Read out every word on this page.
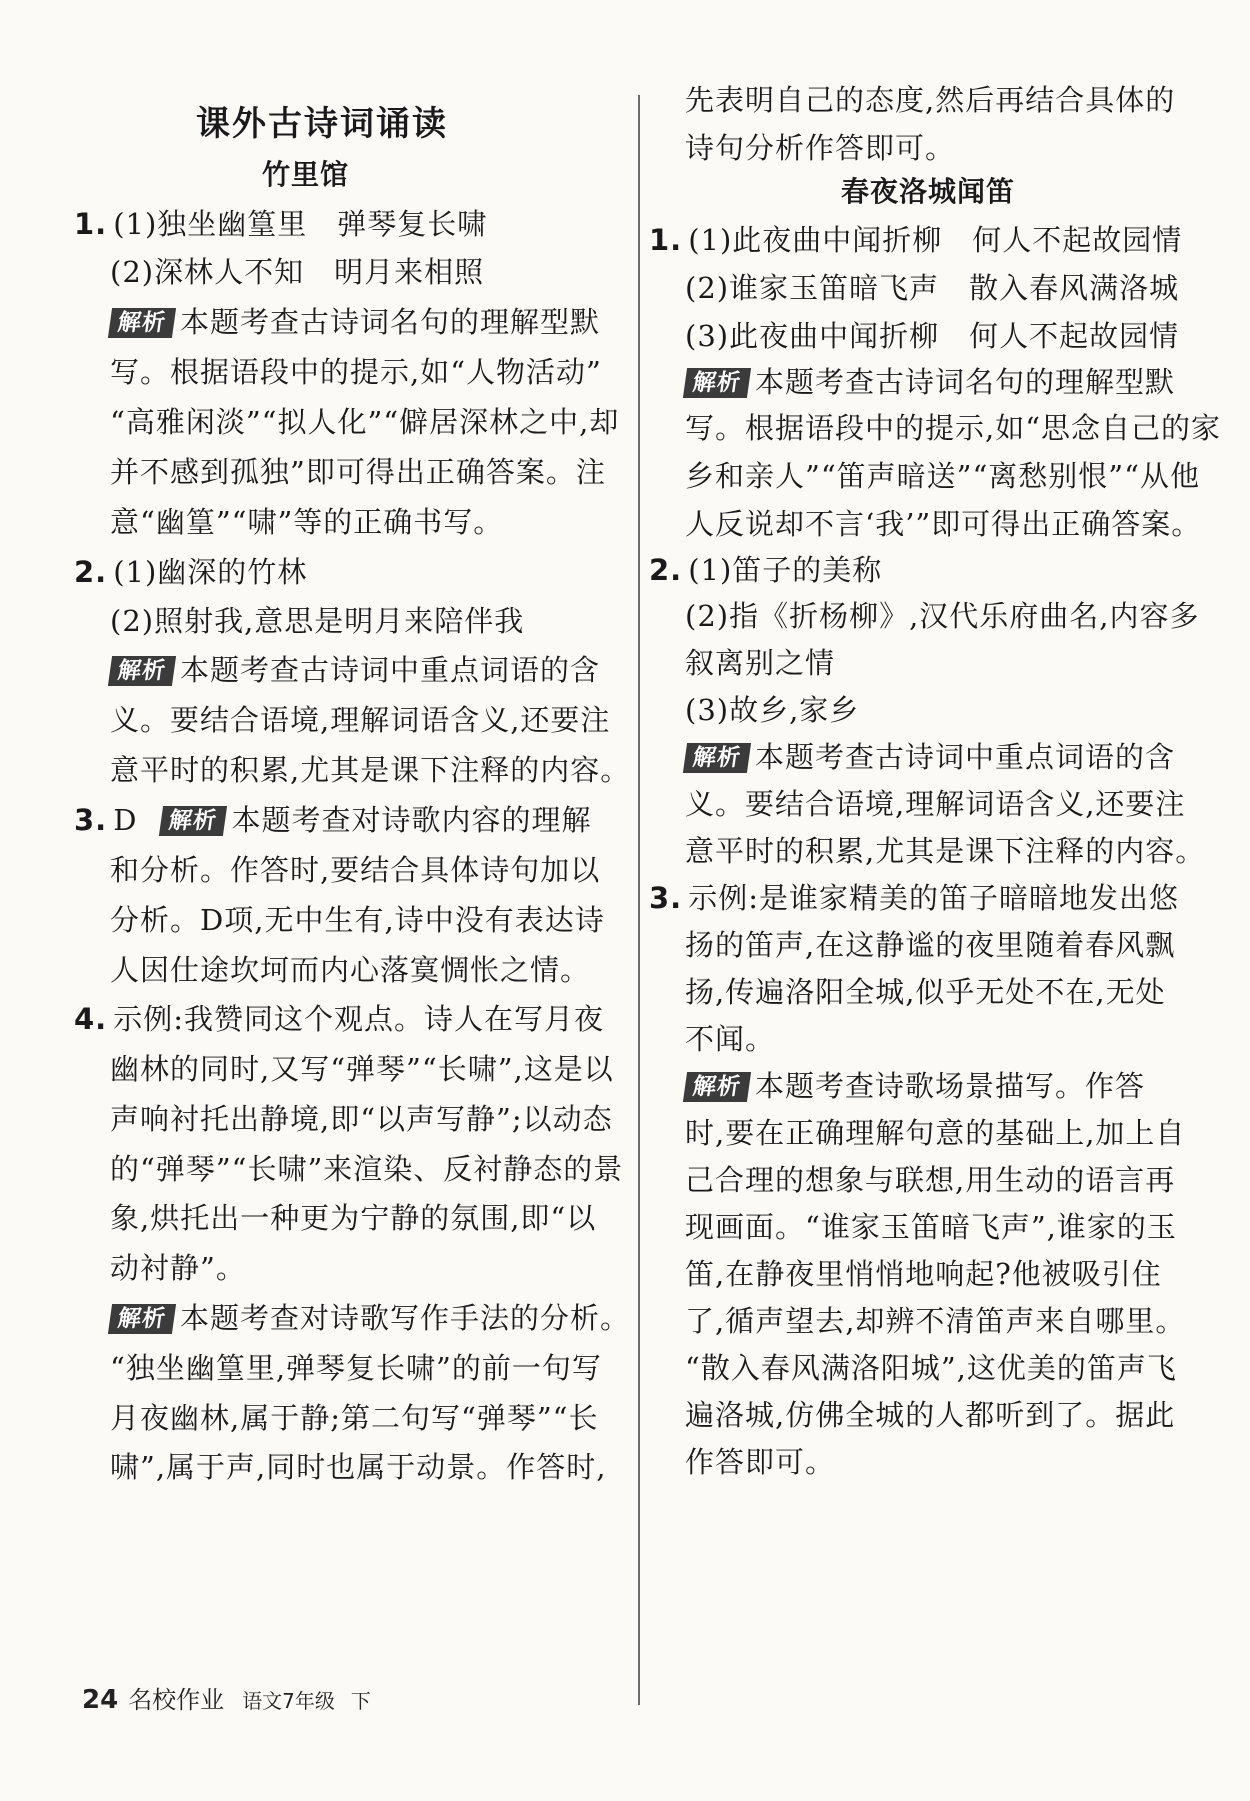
课外古诗词诵读
竹里馆
1. (1)独坐幽篁里　弹琴复长啸
(2)深林人不知　明月来相照
解析 本题考查古诗词名句的理解型默
写。根据语段中的提示,如“人物活动”
“高雅闲淡”“拟人化”“僻居深林之中,却
并不感到孤独”即可得出正确答案。注
意“幽篁”“啸”等的正确书写。
2. (1)幽深的竹林
(2)照射我,意思是明月来陪伴我
解析 本题考查古诗词中重点词语的含
义。要结合语境,理解词语含义,还要注
意平时的积累,尤其是课下注释的内容。
3. D 解析 本题考查对诗歌内容的理解
和分析。作答时,要结合具体诗句加以
分析。D项,无中生有,诗中没有表达诗
人因仕途坎坷而内心落寞惆怅之情。
4. 示例:我赞同这个观点。诗人在写月夜
幽林的同时,又写“弹琴”“长啸”,这是以
声响衬托出静境,即“以声写静”;以动态
的“弹琴”“长啸”来渲染、反衬静态的景
象,烘托出一种更为宁静的氛围,即“以
动衬静”。
解析 本题考查对诗歌写作手法的分析。
“独坐幽篁里,弹琴复长啸”的前一句写
月夜幽林,属于静;第二句写“弹琴”“长
啸”,属于声,同时也属于动景。作答时,
先表明自己的态度,然后再结合具体的
诗句分析作答即可。
春夜洛城闻笛
1. (1)此夜曲中闻折柳　何人不起故园情
(2)谁家玉笛暗飞声　散入春风满洛城
(3)此夜曲中闻折柳　何人不起故园情
解析 本题考查古诗词名句的理解型默
写。根据语段中的提示,如“思念自己的家
乡和亲人”“笛声暗送”“离愁别恨”“从他
人反说却不言‘我’”即可得出正确答案。
2. (1)笛子的美称
(2)指《折杨柳》,汉代乐府曲名,内容多
叙离别之情
(3)故乡,家乡
解析 本题考查古诗词中重点词语的含
义。要结合语境,理解词语含义,还要注
意平时的积累,尤其是课下注释的内容。
3. 示例:是谁家精美的笛子暗暗地发出悠
扬的笛声,在这静谧的夜里随着春风飘
扬,传遍洛阳全城,似乎无处不在,无处
不闻。
解析 本题考查诗歌场景描写。作答
时,要在正确理解句意的基础上,加上自
己合理的想象与联想,用生动的语言再
现画面。“谁家玉笛暗飞声”,谁家的玉
笛,在静夜里悄悄地响起?他被吸引住
了,循声望去,却辨不清笛声来自哪里。
“散入春风满洛阳城”,这优美的笛声飞
遍洛城,仿佛全城的人都听到了。据此
作答即可。
24 名校作业 语文7年级 下
